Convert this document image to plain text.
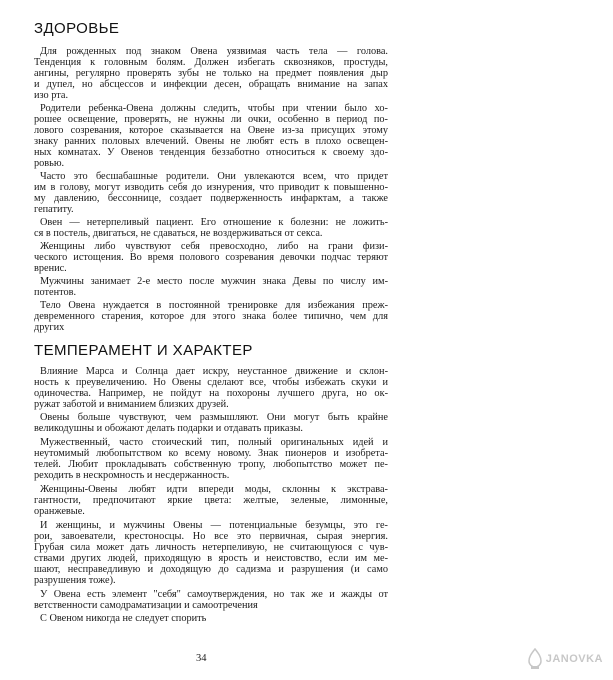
ЗДОРОВЬЕ
Для рожденных под знаком Овена уязвимая часть тела — голова.
Тенденция к головным болям. Должен избегать сквозняков, простуды,
ангины, регулярно проверять зубы не только на предмет появления дыр
и дупел, но абсцессов и инфекции десен, обращать внимание на запах
изо рта.
Родители ребенка-Овена должны следить, чтобы при чтении было хо-
рошее освещение, проверять, не нужны ли очки, особенно в период по-
лового созревания, которое сказывается на Овене из-за присущих этому
знаку ранних половых влечений. Овены не любят есть в плохо освещен-
ных комнатах. У Овенов тенденция беззаботно относиться к своему здо-
ровью.
Часто это бесшабашные родители. Они увлекаются всем, что придет
им в голову, могут изводить себя до изнурения, что приводит к повышенно-
му давлению, бессоннице, создает подверженность инфарктам, а также
гепатиту.
Овен — нетерпеливый пациент. Его отношение к болезни: не ложить-
ся в постель, двигаться, не сдаваться, не воздерживаться от секса.
Женщины либо чувствуют себя превосходно, либо на грани физи-
ческого истощения. Во время полового созревания девочки подчас теряют
вренис.
Мужчины занимает 2-е место после мужчин знака Девы по числу им-
потентов.
Тело Овена нуждается в постоянной тренировке для избежания преж-
девременного старения, которое для этого знака более типично, чем для
других
ТЕМПЕРАМЕНТ И ХАРАКТЕР
Влияние Марса и Солнца дает искру, неустанное движение и склон-
ность к преувеличению. Но Овены сделают все, чтобы избежать скуки и
одиночества. Например, не пойдут на похороны лучшего друга, но ок-
ружат заботой и вниманием близких друзей.
Овены больше чувствуют, чем размышляют. Они могут быть крайне
великодушны и обожают делать подарки и отдавать приказы.
Мужественный, часто стоический тип, полный оригинальных идей и
неутомимый любопытством ко всему новому. Знак пионеров и изобрета-
телей. Любит прокладывать собственную тропу, любопытство может пе-
реходить в нескромность и несдержанность.
Женщины-Овены любят идти впереди моды, склонны к экстрава-
гантности, предпочитают яркие цвета: желтые, зеленые, лимонные,
оранжевые.
И женщины, и мужчины Овены — потенциальные безумцы, это ге-
рои, завоеватели, крестоносцы. Но все это первичная, сырая энергия.
Грубая сила может дать личность нетерпеливую, не считающуюся с чув-
ствами других людей, приходящую в ярость и неистовство, если им ме-
шают, несправедливую и доходящую до садизма и разрушения (и само
разрушения тоже).
У Овена есть элемент "себя" самоутверждения, но так же и жажды от
ветственности самодраматизации и самоотречения
С Овеном никогда не следует спорить
34	JANOVKA
